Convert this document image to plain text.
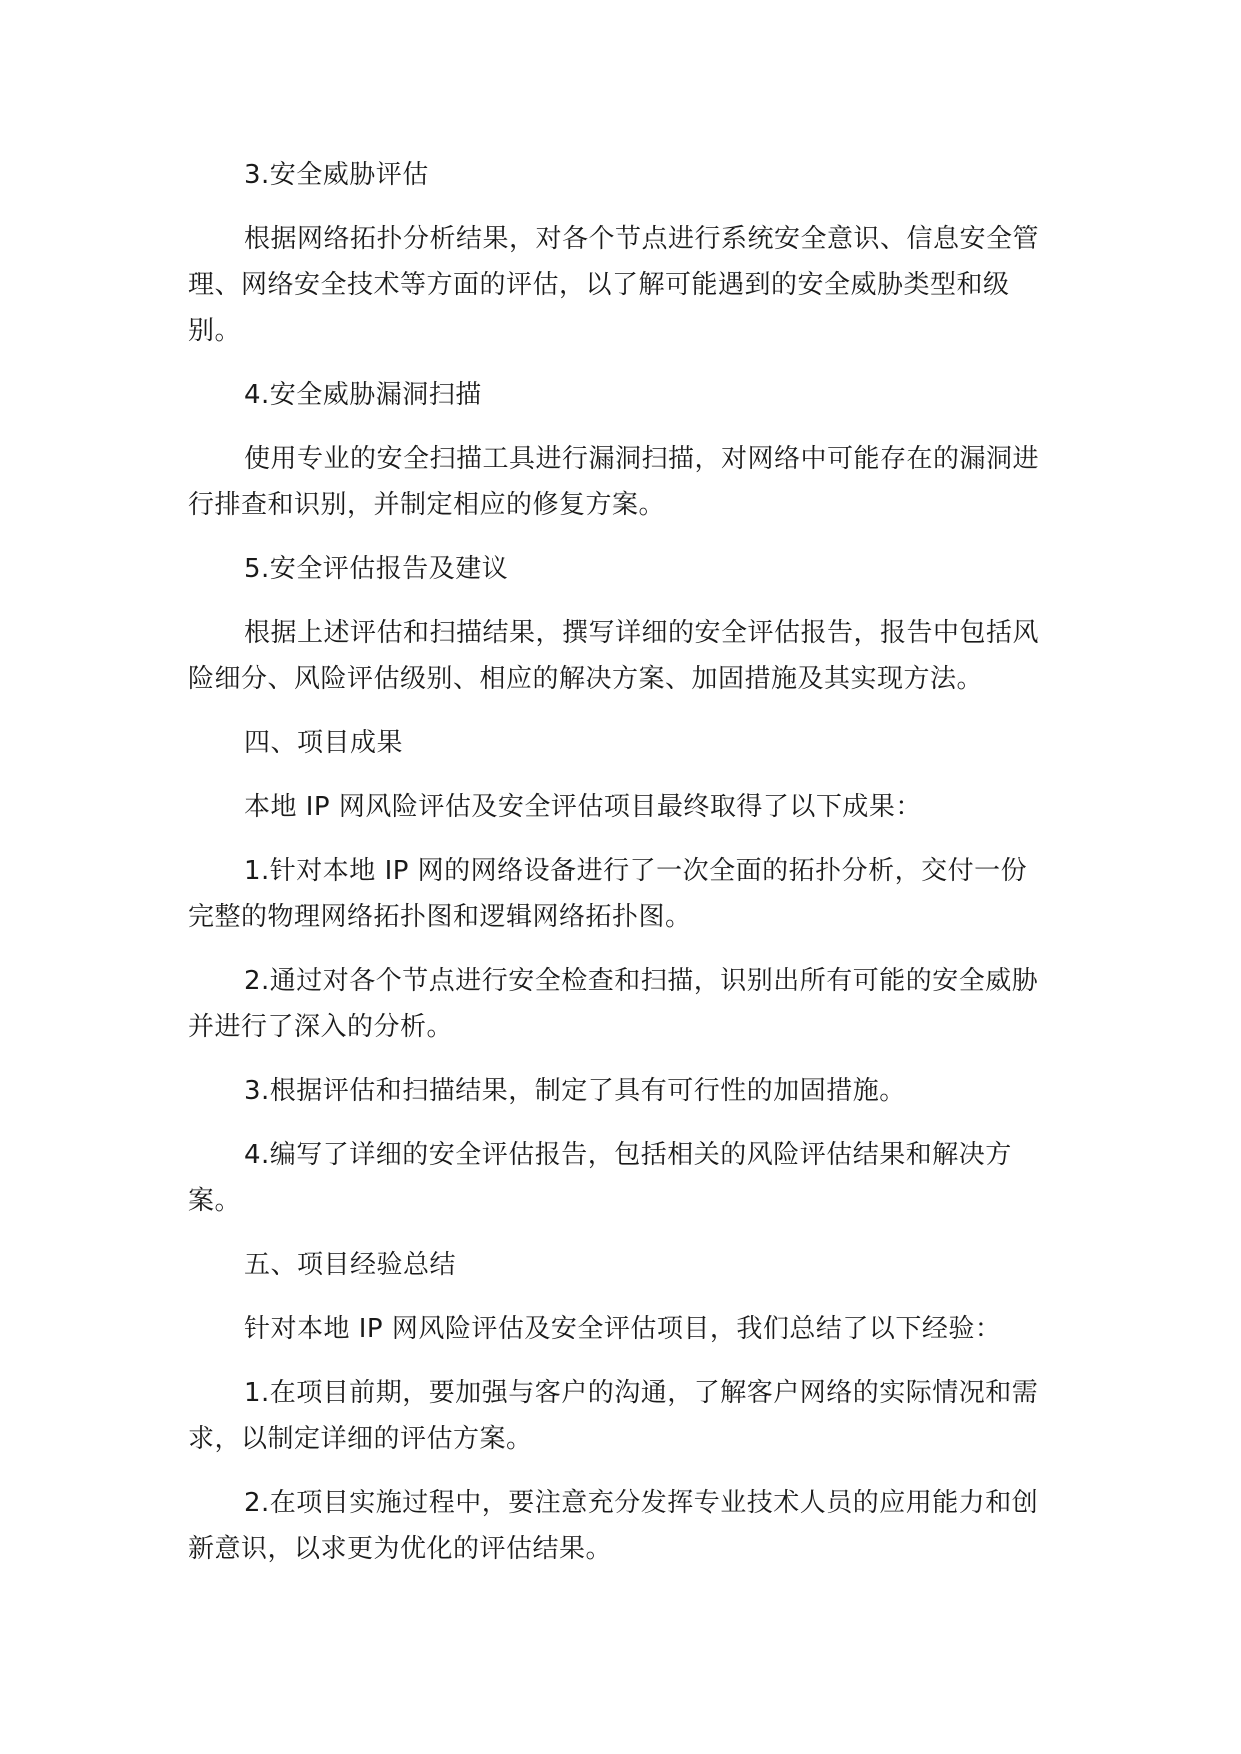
3.安全威胁评估

根据网络拓扑分析结果，对各个节点进行系统安全意识、信息安全管理、网络安全技术等方面的评估，以了解可能遇到的安全威胁类型和级别。

4.安全威胁漏洞扫描

使用专业的安全扫描工具进行漏洞扫描，对网络中可能存在的漏洞进行排查和识别，并制定相应的修复方案。

5.安全评估报告及建议

根据上述评估和扫描结果，撰写详细的安全评估报告，报告中包括风险细分、风险评估级别、相应的解决方案、加固措施及其实现方法。

四、项目成果

本地 IP 网风险评估及安全评估项目最终取得了以下成果：

1.针对本地 IP 网的网络设备进行了一次全面的拓扑分析，交付一份完整的物理网络拓扑图和逻辑网络拓扑图。

2.通过对各个节点进行安全检查和扫描，识别出所有可能的安全威胁并进行了深入的分析。

3.根据评估和扫描结果，制定了具有可行性的加固措施。

4.编写了详细的安全评估报告，包括相关的风险评估结果和解决方案。

五、项目经验总结

针对本地 IP 网风险评估及安全评估项目，我们总结了以下经验：

1.在项目前期，要加强与客户的沟通，了解客户网络的实际情况和需求，以制定详细的评估方案。

2.在项目实施过程中，要注意充分发挥专业技术人员的应用能力和创新意识，以求更为优化的评估结果。
